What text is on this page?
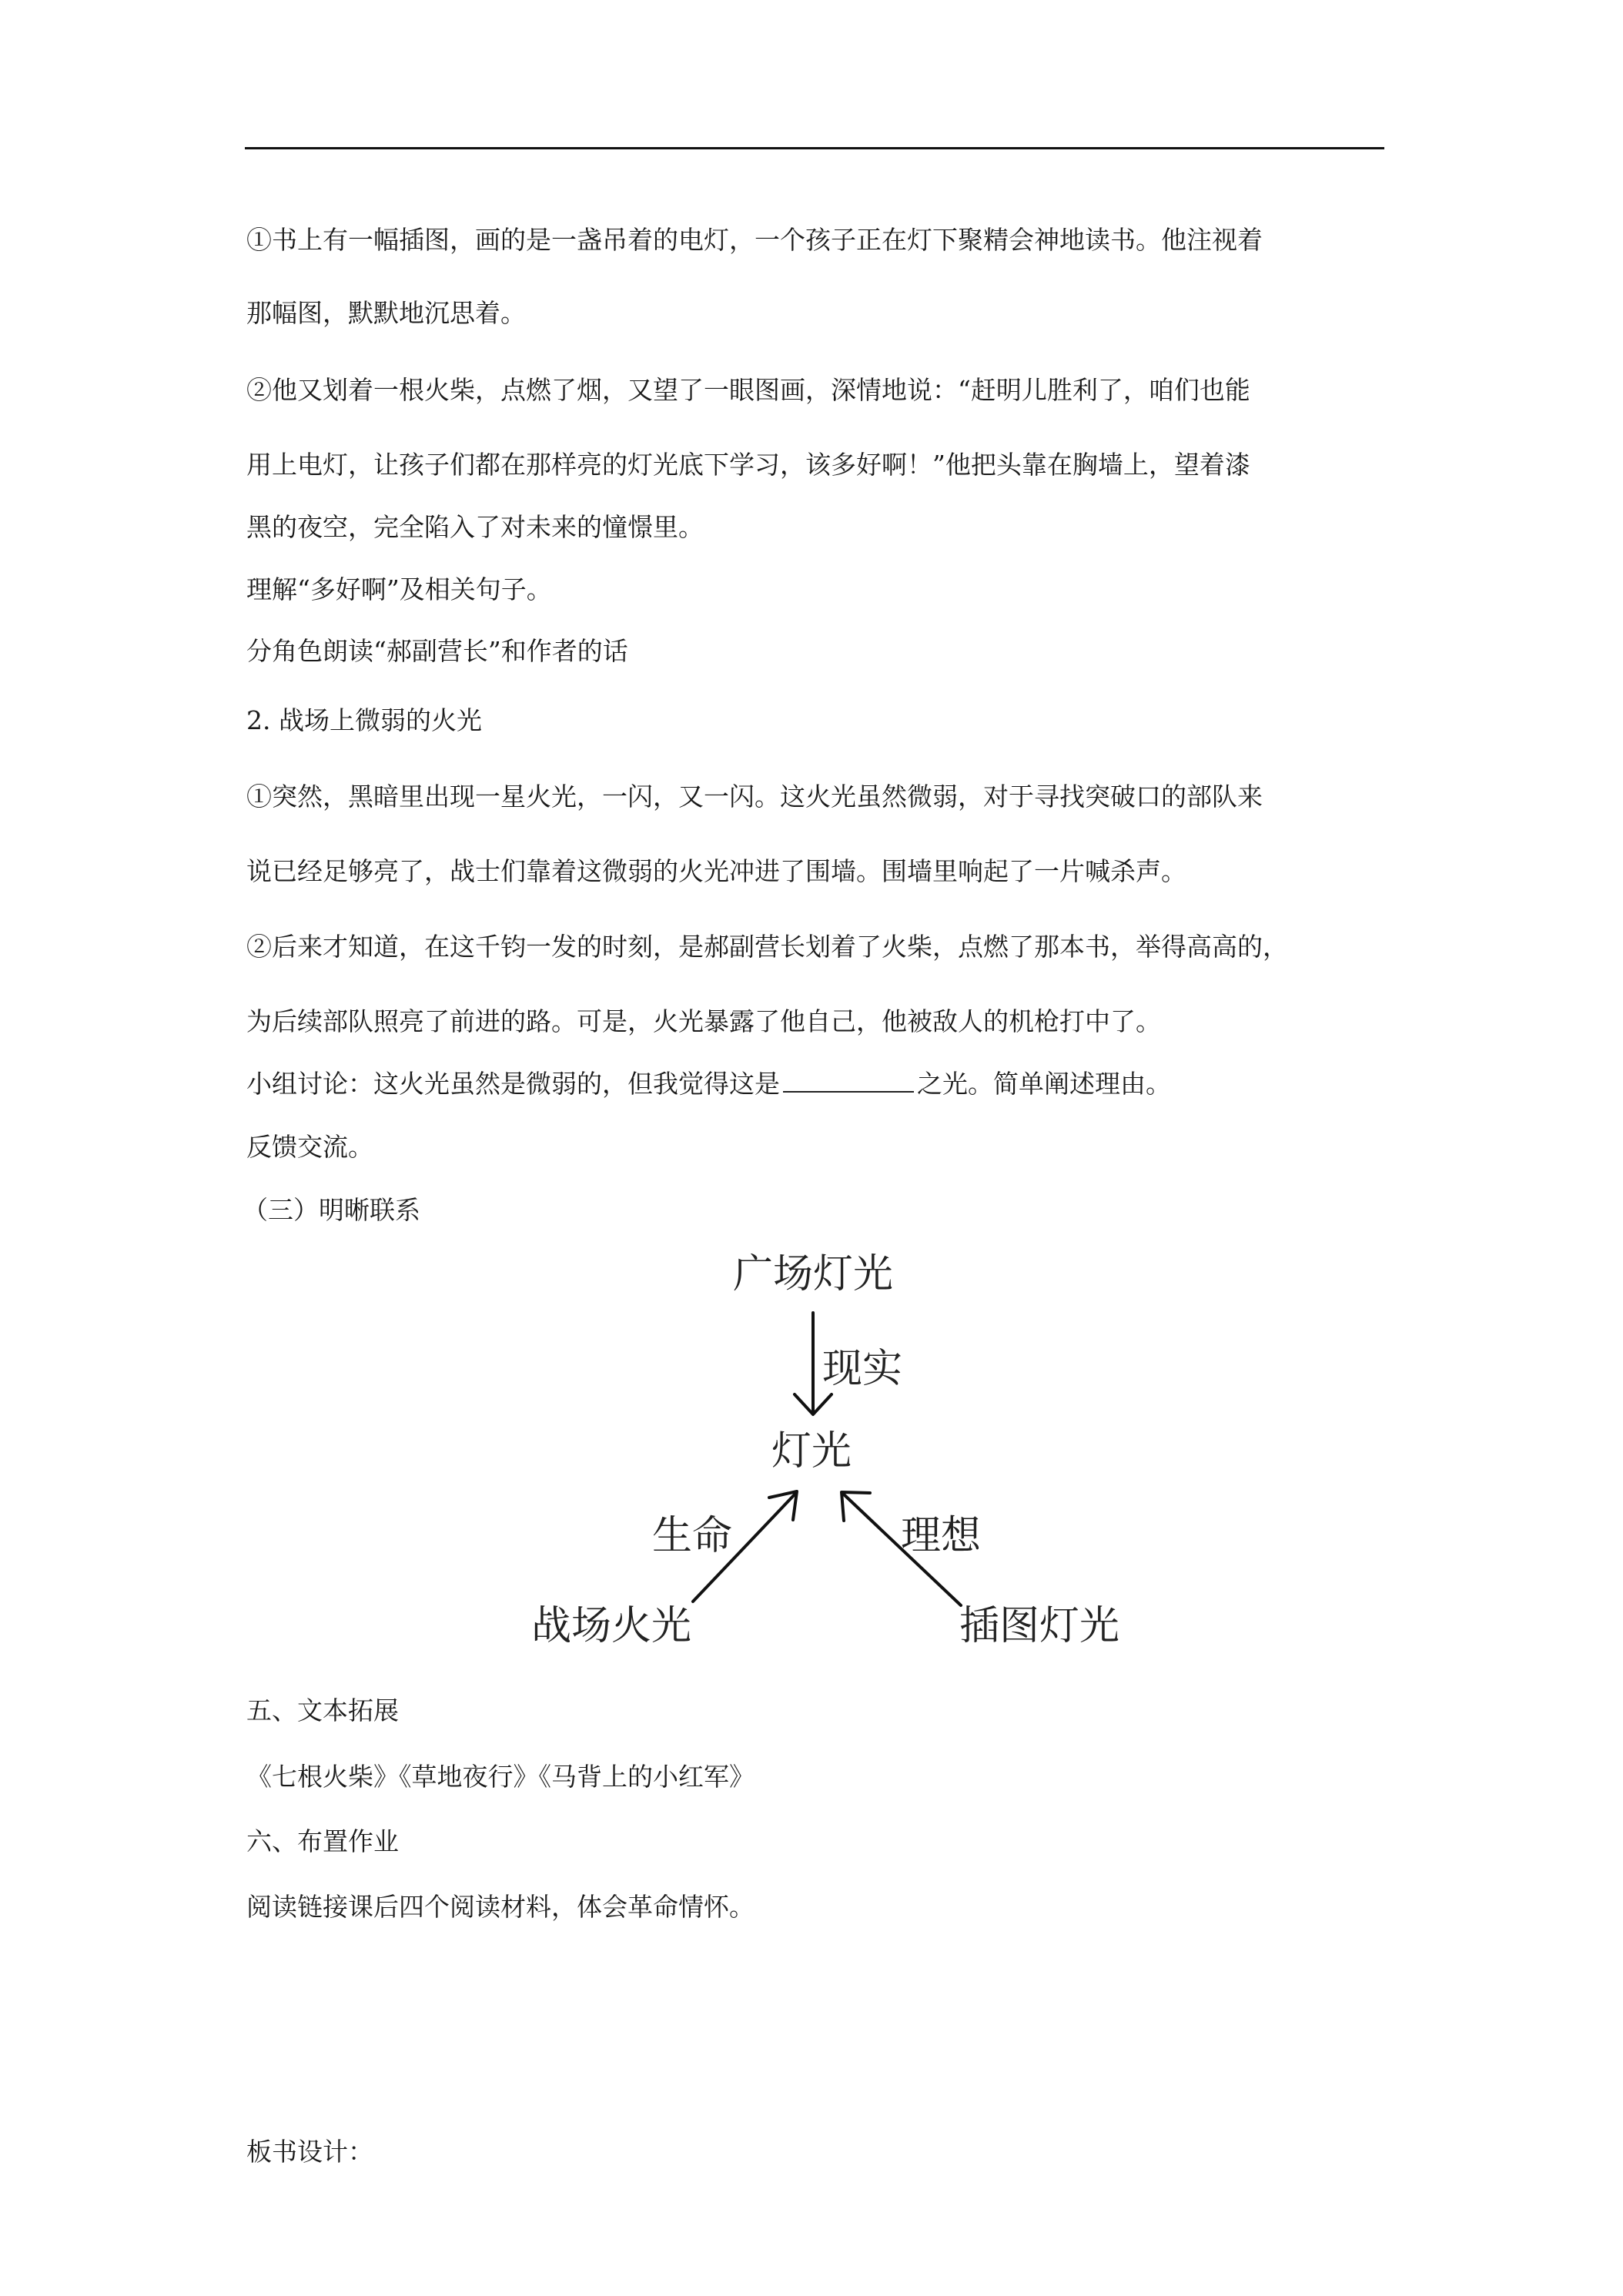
①书上有一幅插图，画的是一盏吊着的电灯，一个孩子正在灯下聚精会神地读书。他注视着
那幅图，默默地沉思着。
②他又划着一根火柴，点燃了烟，又望了一眼图画，深情地说：“赶明儿胜利了，咱们也能
用上电灯，让孩子们都在那样亮的灯光底下学习，该多好啊！”他把头靠在胸墙上，望着漆
黑的夜空，完全陷入了对未来的憧憬里。
理解“多好啊”及相关句子。
分角色朗读“郝副营长”和作者的话
2. 战场上微弱的火光
①突然，黑暗里出现一星火光，一闪，又一闪。这火光虽然微弱，对于寻找突破口的部队来
说已经足够亮了，战士们靠着这微弱的火光冲进了围墙。围墙里响起了一片喊杀声。
②后来才知道，在这千钧一发的时刻，是郝副营长划着了火柴，点燃了那本书，举得高高的，
为后续部队照亮了前进的路。可是，火光暴露了他自己，他被敌人的机枪打中了。
小组讨论：这火光虽然是微弱的，但我觉得这是	之光。简单阐述理由。
反馈交流。
（三）明晰联系
广场灯光
现实
灯光
生命	理想
战场火光	插图灯光
五、文本拓展
《七根火柴》《草地夜行》《马背上的小红军》
六、布置作业
阅读链接课后四个阅读材料，体会革命情怀。
板书设计：
